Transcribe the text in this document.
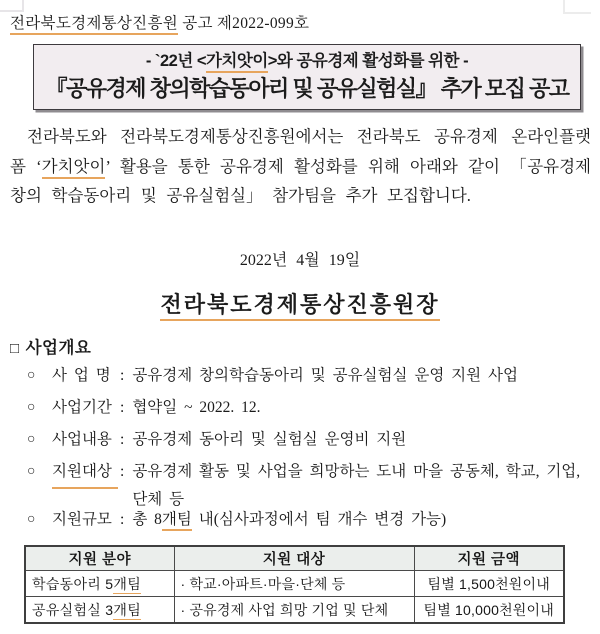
전라북도경제통상진흥원 공고 제2022-099호
- `22년 <가치앗이>와 공유경제 활성화를 위한 -
『공유경제 창의학습동아리 및 공유실험실』 추가 모집 공고

전라북도와 전라북도경제통상진흥원에서는 전라북도 공유경제 온라인플랫폼 ‘가치앗이’ 활용을 통한 공유경제 활성화를 위해 아래와 같이 「공유경제 창의 학습동아리 및 공유실험실」 참가팀을 추가 모집합니다.

2022년 4월 19일
전라북도경제통상진흥원장
□ 사업개요
○	사 업 명 : 공유경제 창의학습동아리 및 공유실험실 운영 지원 사업
○	사업기간 : 협약일 ~ 2022. 12.
○	사업내용 : 공유경제 동아리 및 실험실 운영비 지원
○	지원대상 : 공유경제 활동 및 사업을 희망하는 도내 마을 공동체, 학교, 기업, 단체 등
○	지원규모 : 총 8개팀 내(심사과정에서 팀 개수 변경 가능)
지원 분야	지원 대상	지원 금액
학습동아리 5개팀	· 학교·아파트·마을·단체 등	팀별 1,500천원이내
공유실험실 3개팀	· 공유경제 사업 희망 기업 및 단체	팀별 10,000천원이내
